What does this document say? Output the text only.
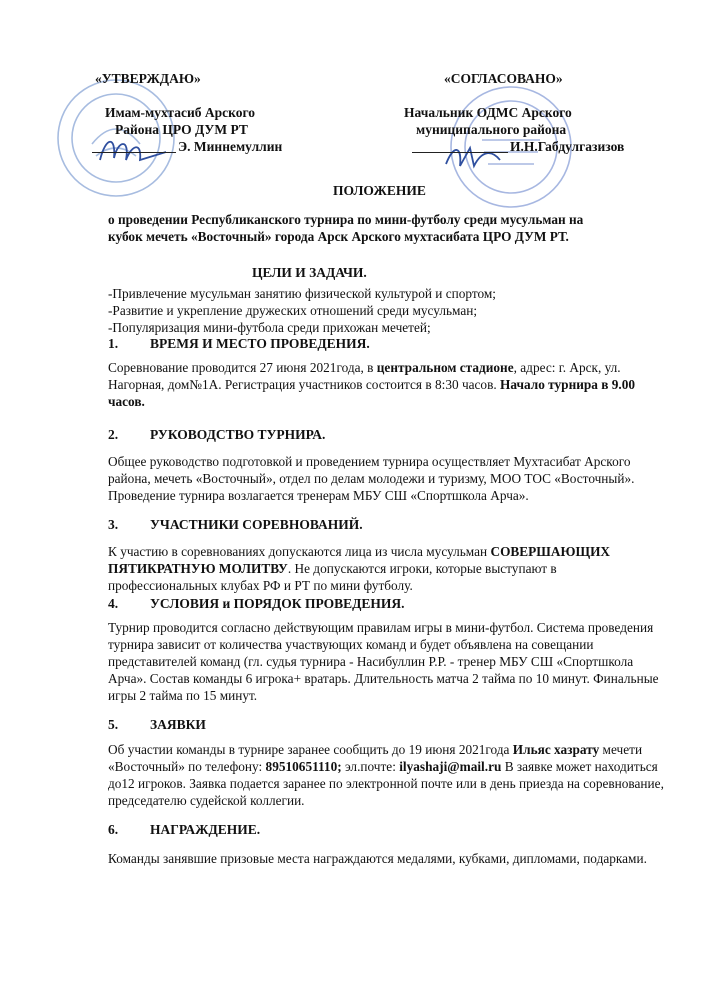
«УТВЕРЖДАЮ»
Имам-мухтасиб Арского
Района ЦРО ДУМ РТ
Э. Миннемуллин
«СОГЛАСОВАНО»
Начальник ОДМС Арского
муниципального района
И.Н.Габдулгазизов
ПОЛОЖЕНИЕ
о проведении Республиканского турнира по мини-футболу среди мусульман на
кубок мечеть «Восточный» города Арск Арского мухтасибата ЦРО ДУМ РТ.
ЦЕЛИ И ЗАДАЧИ.
-Привлечение мусульман занятию физической культурой и спортом;
-Развитие и укрепление дружеских отношений среди мусульман;
-Популяризация мини-футбола среди прихожан мечетей;
1. ВРЕМЯ И МЕСТО ПРОВЕДЕНИЯ.
Соревнование проводится 27 июня 2021года, в центральном стадионе, адрес: г. Арск, ул. Нагорная, дом№1А. Регистрация участников состоится в 8:30 часов. Начало турнира в 9.00 часов.
2. РУКОВОДСТВО ТУРНИРА.
Общее руководство подготовкой и проведением турнира осуществляет Мухтасибат Арского района, мечеть «Восточный», отдел по делам молодежи и туризму, МОО ТОС «Восточный». Проведение турнира возлагается тренерам МБУ СШ «Спортшкола Арча».
3. УЧАСТНИКИ СОРЕВНОВАНИЙ.
К участию в соревнованиях допускаются лица из числа мусульман СОВЕРШАЮЩИХ ПЯТИКРАТНУЮ МОЛИТВУ. Не допускаются игроки, которые выступают в профессиональных клубах РФ и РТ по мини футболу.
4. УСЛОВИЯ и ПОРЯДОК ПРОВЕДЕНИЯ.
Турнир проводится согласно действующим правилам игры в мини-футбол. Система проведения турнира зависит от количества участвующих команд и будет объявлена на совещании представителей команд (гл. судья турнира - Насибуллин Р.Р. - тренер МБУ СШ «Спортшкола Арча». Состав команды 6 игрока+ вратарь. Длительность матча 2 тайма по 10 минут. Финальные игры 2 тайма по 15 минут.
5. ЗАЯВКИ
Об участии команды в турнире заранее сообщить до 19 июня 2021года Ильяс хазрату мечети «Восточный» по телефону: 89510651110; эл.почте: ilyashaji@mail.ru В заявке может находиться до12 игроков. Заявка подается заранее по электронной почте или в день приезда на соревнование, председателю судейской коллегии.
6. НАГРАЖДЕНИЕ.
Команды занявшие призовые места награждаются медалями, кубками, дипломами, подарками.
